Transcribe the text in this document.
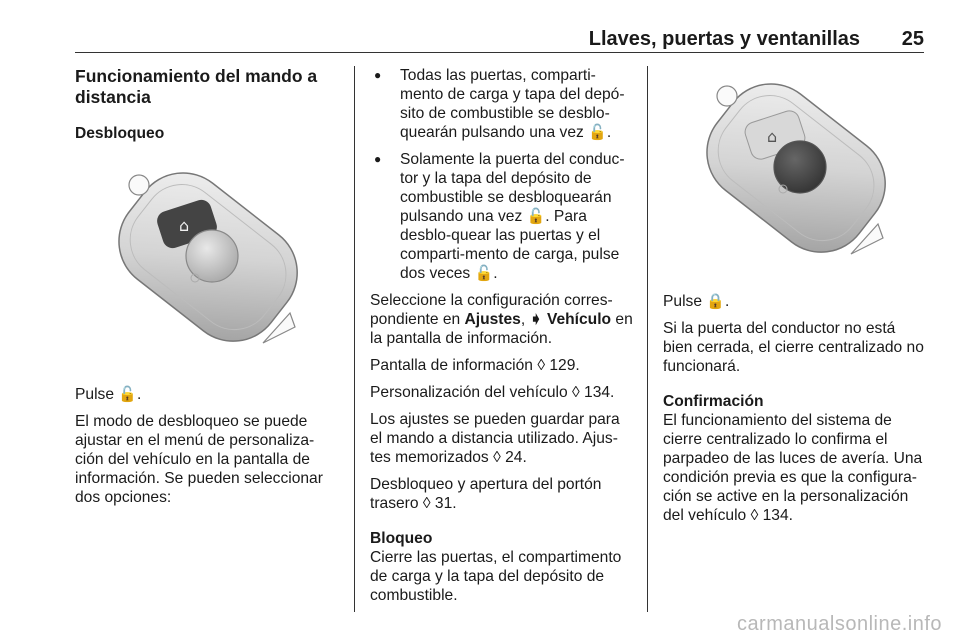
Llaves, puertas y ventanillas 25
Funcionamiento del mando a distancia
Desbloqueo
⌂

Pulse 🔓.

El modo de desbloqueo se puede ajustar en el menú de personaliza-ción del vehículo en la pantalla de información. Se pueden seleccionar dos opciones:

● Todas las puertas, comparti-mento de carga y tapa del depó-sito de combustible se desblo-quearán pulsando una vez 🔓.
● Solamente la puerta del conduc-tor y la tapa del depósito de combustible se desbloquearán pulsando una vez 🔓. Para desblo-quear las puertas y el comparti-mento de carga, pulse dos veces 🔓.

Seleccione la configuración corres-pondiente en Ajustes, ➧ Vehículo en la pantalla de información.

Pantalla de información ◊ 129.

Personalización del vehículo ◊ 134.

Los ajustes se pueden guardar para el mando a distancia utilizado. Ajus-tes memorizados ◊ 24.

Desbloqueo y apertura del portón trasero ◊ 31.

Bloqueo

Cierre las puertas, el compartimento de carga y la tapa del depósito de combustible.

⌂

Pulse 🔒.

Si la puerta del conductor no está bien cerrada, el cierre centralizado no funcionará.

Confirmación

El funcionamiento del sistema de cierre centralizado lo confirma el parpadeo de las luces de avería. Una condición previa es que la configura-ción se active en la personalización del vehículo ◊ 134.

carmanualsonline.info
